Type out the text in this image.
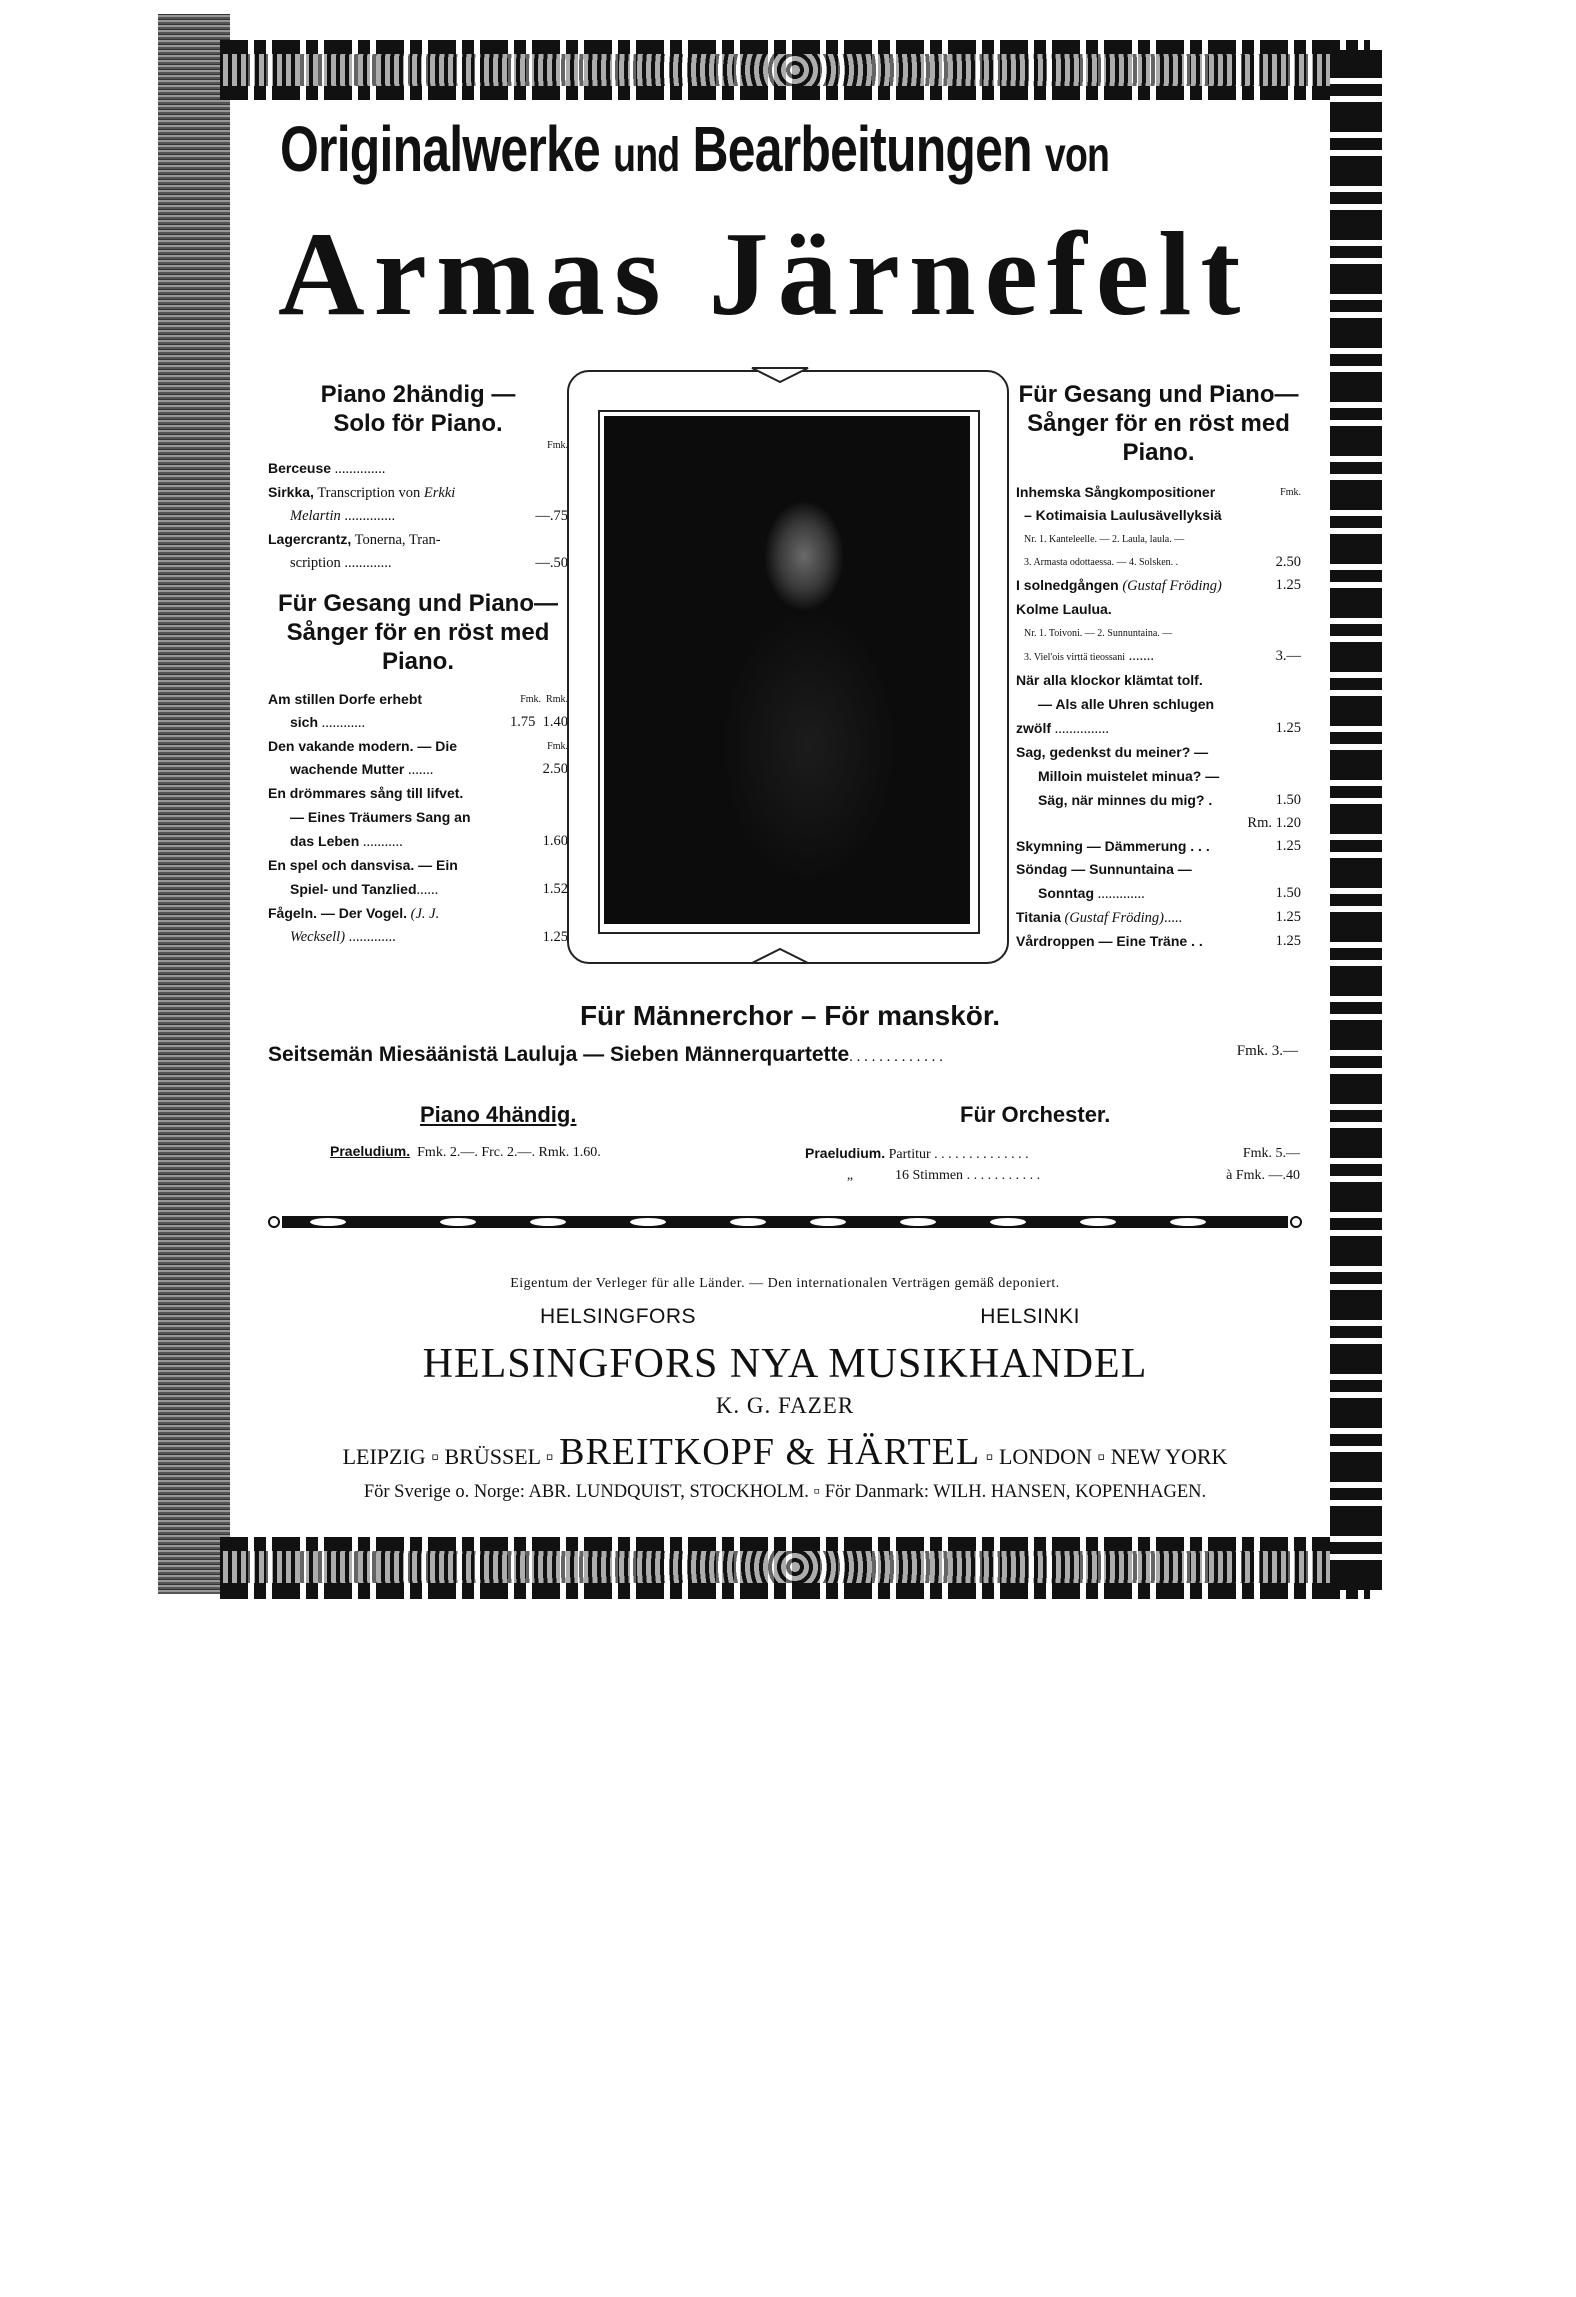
Originalwerke und Bearbeitungen von
Armas Järnefelt
Piano 2händig —
Solo för Piano.
Fmk.
Berceuse ..............
Sirkka, Transcription von Erkki
Melartin ..............	—.75
Lagercrantz, Tonerna, Tran-
scription .............	—.50
Für Gesang und Piano—
Sånger för en röst med
Piano.
Am stillen Dorfe erhebt	Fmk. Rmk.
sich ............	1.75 1.40
Den vakande modern. — Die	Fmk.
wachende Mutter .......	2.50
En drömmares sång till lifvet.
— Eines Träumers Sang an
das Leben ...........	1.60
En spel och dansvisa. — Ein
Spiel- und Tanzlied......	1.52
Fågeln. — Der Vogel. (J. J.
Wecksell) .............	1.25
Für Gesang und Piano—
Sånger för en röst med
Piano.
Inhemska Sångkompositioner	Fmk.
– Kotimaisia Laulusävellyksiä
Nr. 1. Kanteleelle. — 2. Laula, laula. —
3. Armasta odottaessa. — 4. Solsken. .	2.50
I solnedgången (Gustaf Fröding)	1.25
Kolme Laulua.
Nr. 1. Toivoni. — 2. Sunnuntaina. —
3. Viel'ois virttä tieossani .......	3.—
När alla klockor klämtat tolf.
— Als alle Uhren schlugen
zwölf ...............	1.25
Sag, gedenkst du meiner? —
Milloin muistelet minua? —
Säg, när minnes du mig? .	1.50
Rm. 1.20
Skymning — Dämmerung . . .	1.25
Söndag — Sunnuntaina —
Sonntag .............	1.50
Titania (Gustaf Fröding).....	1.25
Vårdroppen — Eine Träne . .	1.25
Für Männerchor – För manskör.
Seitsemän Miesäänistä Lauluja — Sieben Männerquartette. . . . . . . . . . . . .	Fmk. 3.—
Piano 4händig.	Für Orchester.
Praeludium. Fmk. 2.—. Frc. 2.—. Rmk. 1.60.	Praeludium. Partitur . . . . . . . . . . . . . .	Fmk. 5.—
„	16 Stimmen . . . . . . . . . . .	à Fmk. —.40
Eigentum der Verleger für alle Länder. — Den internationalen Verträgen gemäß deponiert.
HELSINGFORS	HELSINKI
HELSINGFORS NYA MUSIKHANDEL
K. G. FAZER
LEIPZIG ▫ BRÜSSEL ▫ BREITKOPF & HÄRTEL ▫ LONDON ▫ NEW YORK
För Sverige o. Norge: ABR. LUNDQUIST, STOCKHOLM. ▫ För Danmark: WILH. HANSEN, KOPENHAGEN.
